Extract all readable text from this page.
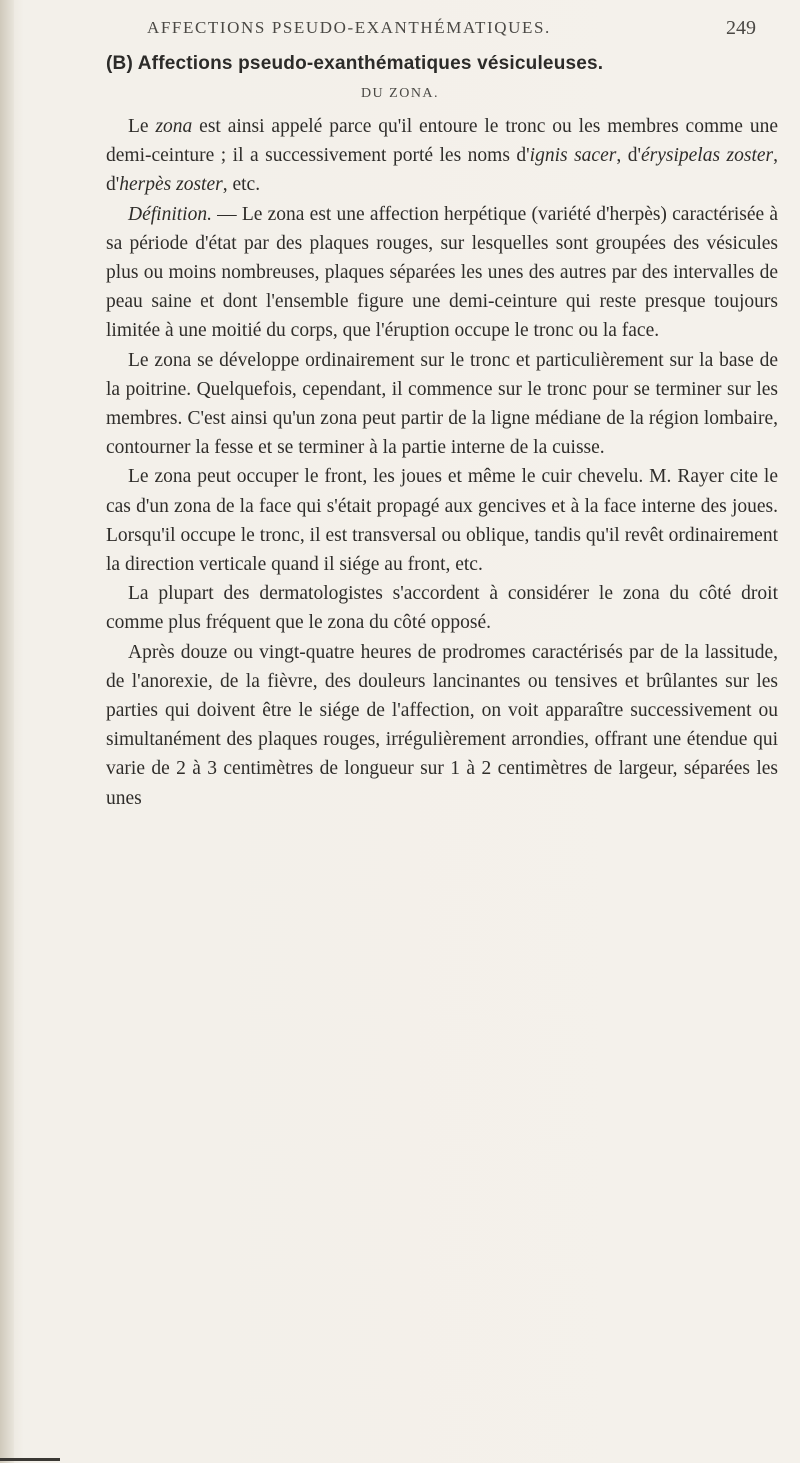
AFFECTIONS PSEUDO-EXANTHÉMATIQUES.	249
(B) Affections pseudo-exanthématiques vésiculeuses.
DU ZONA.

Le zona est ainsi appelé parce qu'il entoure le tronc ou les membres comme une demi-ceinture ; il a successivement porté les noms d'ignis sacer, d'érysipelas zoster, d'herpès zoster, etc.

Définition. — Le zona est une affection herpétique (variété d'herpès) caractérisée à sa période d'état par des plaques rouges, sur lesquelles sont groupées des vésicules plus ou moins nombreuses, plaques séparées les unes des autres par des intervalles de peau saine et dont l'ensemble figure une demi-ceinture qui reste presque toujours limitée à une moitié du corps, que l'éruption occupe le tronc ou la face.

Le zona se développe ordinairement sur le tronc et particulièrement sur la base de la poitrine. Quelquefois, cependant, il commence sur le tronc pour se terminer sur les membres. C'est ainsi qu'un zona peut partir de la ligne médiane de la région lombaire, contourner la fesse et se terminer à la partie interne de la cuisse.

Le zona peut occuper le front, les joues et même le cuir chevelu. M. Rayer cite le cas d'un zona de la face qui s'était propagé aux gencives et à la face interne des joues. Lorsqu'il occupe le tronc, il est transversal ou oblique, tandis qu'il revêt ordinairement la direction verticale quand il siége au front, etc.

La plupart des dermatologistes s'accordent à considérer le zona du côté droit comme plus fréquent que le zona du côté opposé.

Après douze ou vingt-quatre heures de prodromes caractérisés par de la lassitude, de l'anorexie, de la fièvre, des douleurs lancinantes ou tensives et brûlantes sur les parties qui doivent être le siége de l'affection, on voit apparaître successivement ou simultanément des plaques rouges, irrégulièrement arrondies, offrant une étendue qui varie de 2 à 3 centimètres de longueur sur 1 à 2 centimètres de largeur, séparées les unes
